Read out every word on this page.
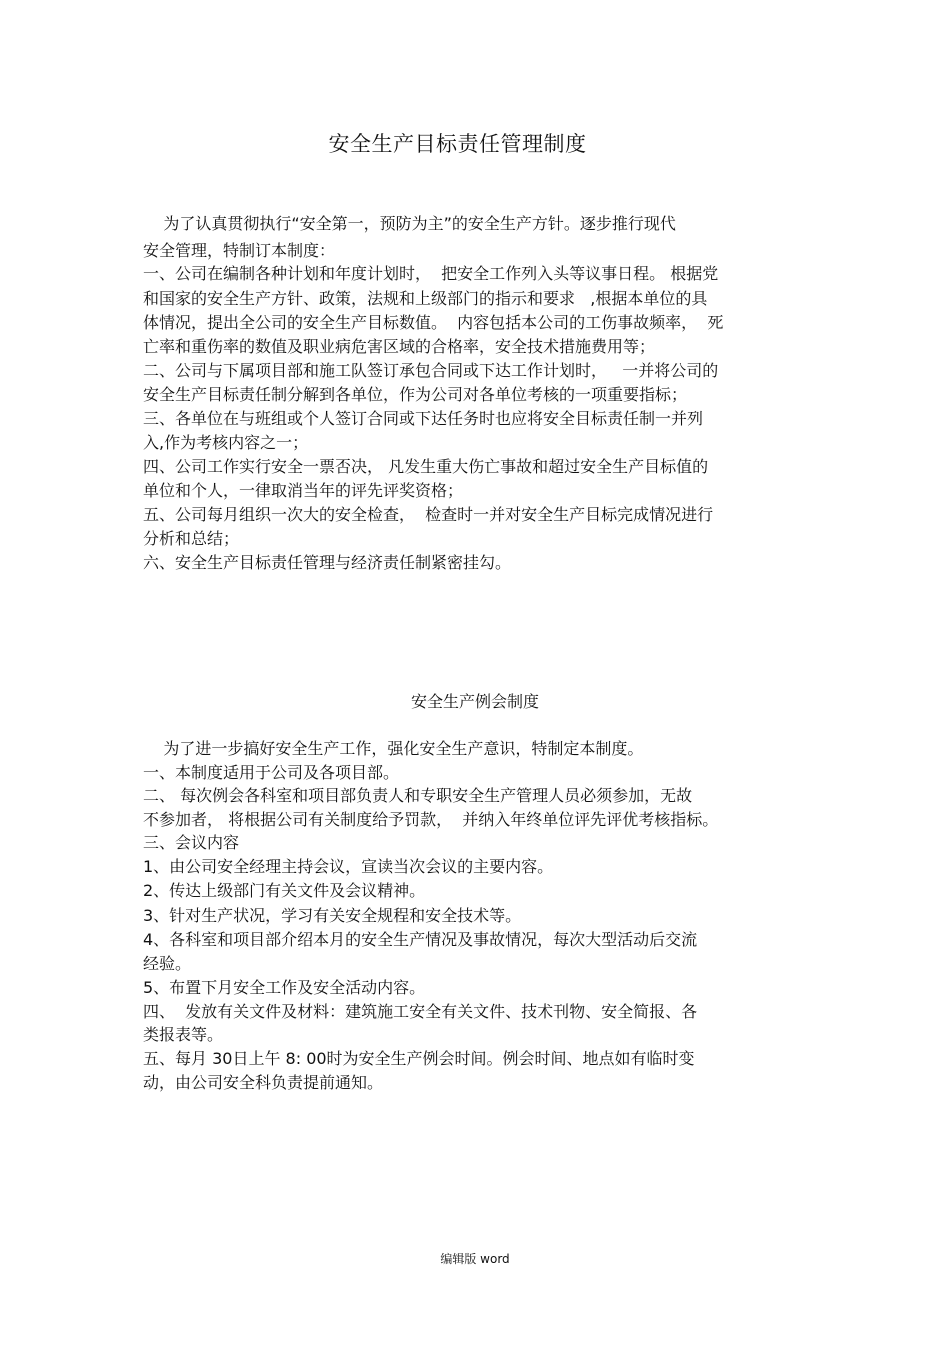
安全生产目标责任管理制度
为了认真贯彻执行“安全第一，预防为主”的安全生产方针。逐步推行现代
安全管理，特制订本制度：
一、公司在编制各种计划和年度计划时，  把安全工作列入头等议事日程。 根据党
和国家的安全生产方针、政策，法规和上级部门的指示和要求   ,根据本单位的具
体情况，提出全公司的安全生产目标数值。  内容包括本公司的工伤事故频率，  死
亡率和重伤率的数值及职业病危害区域的合格率，安全技术措施费用等；
二、公司与下属项目部和施工队签订承包合同或下达工作计划时，   一并将公司的
安全生产目标责任制分解到各单位，作为公司对各单位考核的一项重要指标；
三、各单位在与班组或个人签订合同或下达任务时也应将安全目标责任制一并列
入,作为考核内容之一；
四、公司工作实行安全一票否决， 凡发生重大伤亡事故和超过安全生产目标值的
单位和个人，一律取消当年的评先评奖资格；
五、公司每月组织一次大的安全检查，  检查时一并对安全生产目标完成情况进行
分析和总结；
六、安全生产目标责任管理与经济责任制紧密挂勾。
安全生产例会制度
为了进一步搞好安全生产工作，强化安全生产意识，特制定本制度。
一、本制度适用于公司及各项目部。
二、 每次例会各科室和项目部负责人和专职安全生产管理人员必须参加，无故
不参加者， 将根据公司有关制度给予罚款，  并纳入年终单位评先评优考核指标。
三、会议内容
1、由公司安全经理主持会议，宣读当次会议的主要内容。
2、传达上级部门有关文件及会议精神。
3、针对生产状况，学习有关安全规程和安全技术等。
4、各科室和项目部介绍本月的安全生产情况及事故情况，每次大型活动后交流
经验。
5、布置下月安全工作及安全活动内容。
四、  发放有关文件及材料：建筑施工安全有关文件、技术刊物、安全简报、各
类报表等。
五、每月 30日上午 8: 00时为安全生产例会时间。例会时间、地点如有临时变
动，由公司安全科负责提前通知。
编辑版 word
